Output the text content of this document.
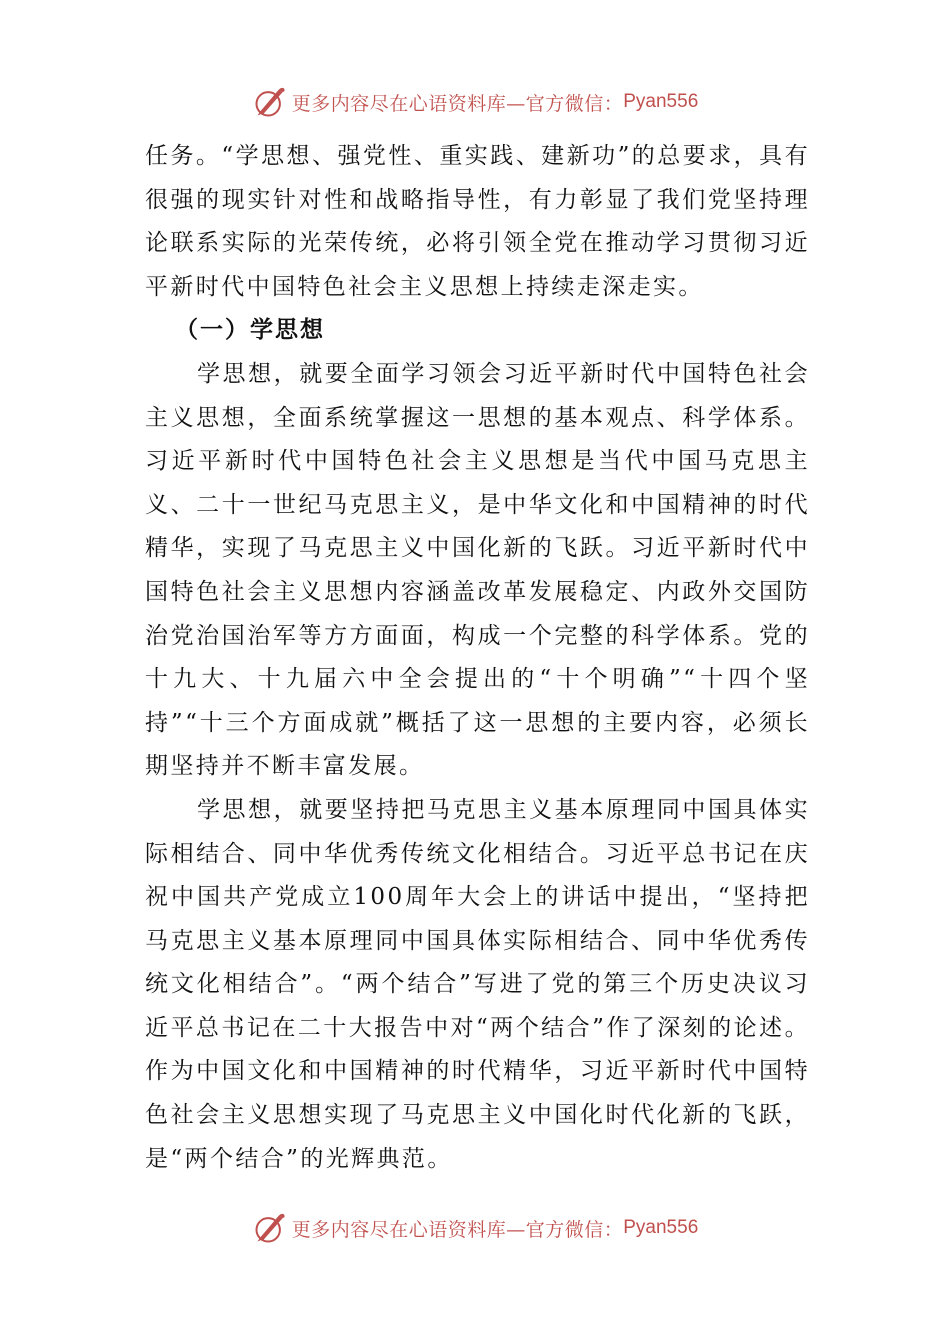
更多内容尽在心语资料库—官方微信： Pyan556

任务。“学思想、强党性、重实践、建新功”的总要求，具有很强的现实针对性和战略指导性，有力彰显了我们党坚持理论联系实际的光荣传统，必将引领全党在推动学习贯彻习近平新时代中国特色社会主义思想上持续走深走实。

（一）学思想

学思想，就要全面学习领会习近平新时代中国特色社会主义思想，全面系统掌握这一思想的基本观点、科学体系。习近平新时代中国特色社会主义思想是当代中国马克思主义、二十一世纪马克思主义，是中华文化和中国精神的时代精华，实现了马克思主义中国化新的飞跃。习近平新时代中国特色社会主义思想内容涵盖改革发展稳定、内政外交国防治党治国治军等方方面面，构成一个完整的科学体系。党的十九大、十九届六中全会提出的“十个明确”“十四个坚持”“十三个方面成就”概括了这一思想的主要内容，必须长期坚持并不断丰富发展。

学思想，就要坚持把马克思主义基本原理同中国具体实际相结合、同中华优秀传统文化相结合。习近平总书记在庆祝中国共产党成立100周年大会上的讲话中提出，“坚持把马克思主义基本原理同中国具体实际相结合、同中华优秀传统文化相结合”。“两个结合”写进了党的第三个历史决议习近平总书记在二十大报告中对“两个结合”作了深刻的论述。作为中国文化和中国精神的时代精华，习近平新时代中国特色社会主义思想实现了马克思主义中国化时代化新的飞跃，是“两个结合”的光辉典范。

更多内容尽在心语资料库—官方微信： Pyan556
